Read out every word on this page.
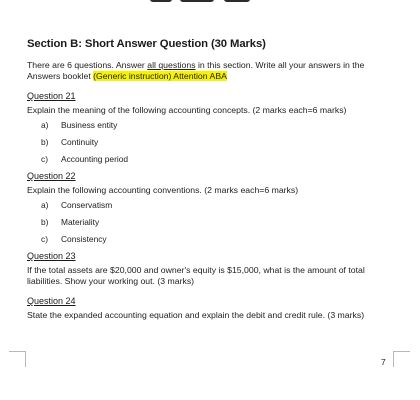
Section B: Short Answer Question (30 Marks)

There are 6 questions. Answer all questions in this section. Write all your answers in the Answers booklet (Generic instruction) Attention ABA

Question 21

Explain the meaning of the following accounting concepts. (2 marks each=6 marks)

a)	Business entity
b)	Continuity
c)	Accounting period
Question 22

Explain the following accounting conventions. (2 marks each=6 marks)

a)	Conservatism
b)	Materiality
c)	Consistency
Question 23

If the total assets are $20,000 and owner's equity is $15,000, what is the amount of total liabilities. Show your working out. (3 marks)

Question 24

State the expanded accounting equation and explain the debit and credit rule. (3 marks)

7
